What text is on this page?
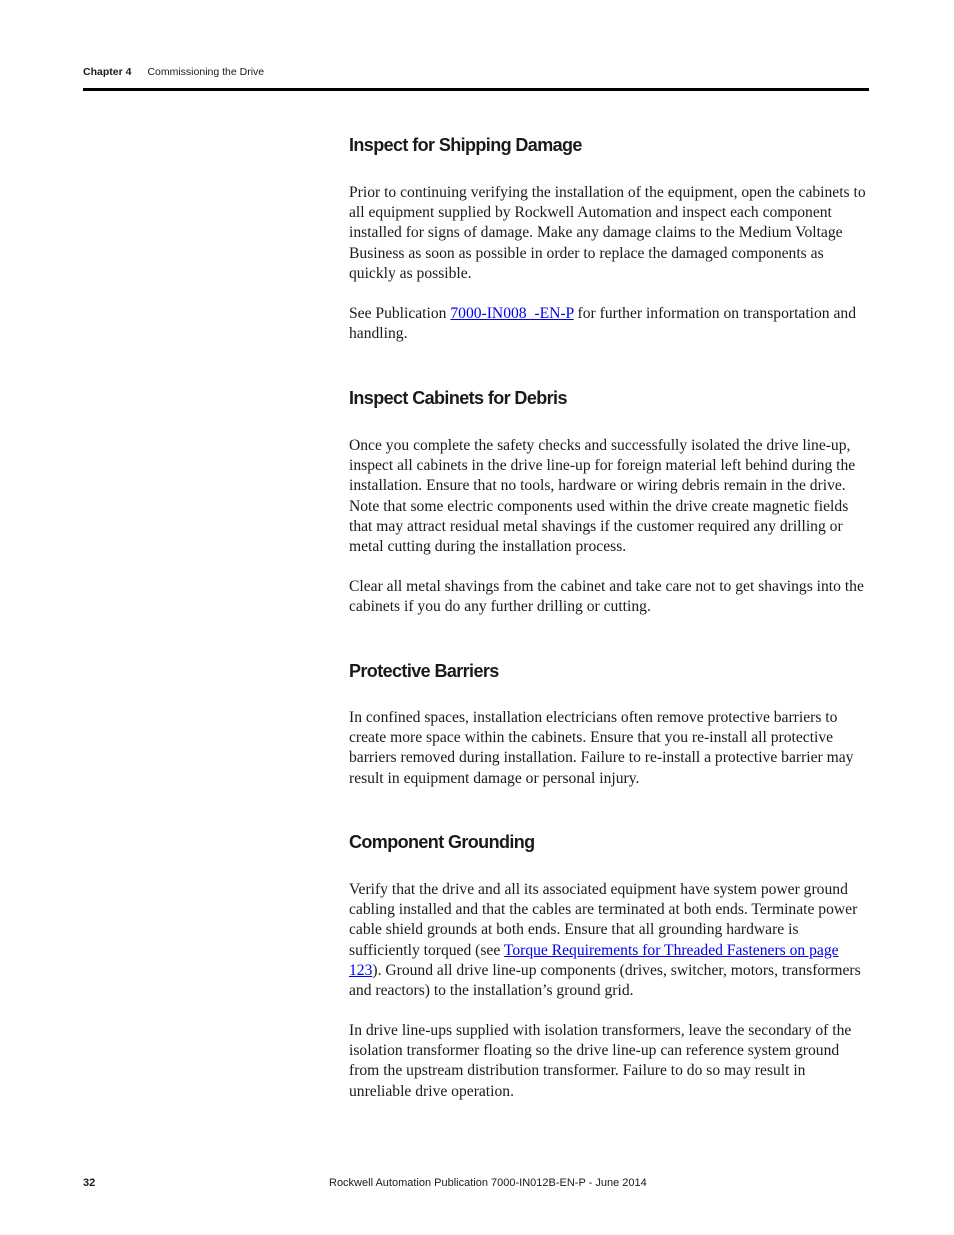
Chapter 4 Commissioning the Drive
Inspect for Shipping Damage

Prior to continuing verifying the installation of the equipment, open the cabinets to all equipment supplied by Rockwell Automation and inspect each component installed for signs of damage. Make any damage claims to the Medium Voltage Business as soon as possible in order to replace the damaged components as quickly as possible.

See Publication 7000-IN008_-EN-P for further information on transportation and handling.

Inspect Cabinets for Debris

Once you complete the safety checks and successfully isolated the drive line-up, inspect all cabinets in the drive line-up for foreign material left behind during the installation. Ensure that no tools, hardware or wiring debris remain in the drive. Note that some electric components used within the drive create magnetic fields that may attract residual metal shavings if the customer required any drilling or metal cutting during the installation process.

Clear all metal shavings from the cabinet and take care not to get shavings into the cabinets if you do any further drilling or cutting.

Protective Barriers

In confined spaces, installation electricians often remove protective barriers to create more space within the cabinets. Ensure that you re-install all protective barriers removed during installation. Failure to re-install a protective barrier may result in equipment damage or personal injury.

Component Grounding

Verify that the drive and all its associated equipment have system power ground cabling installed and that the cables are terminated at both ends. Terminate power cable shield grounds at both ends. Ensure that all grounding hardware is sufficiently torqued (see Torque Requirements for Threaded Fasteners on page 123). Ground all drive line-up components (drives, switcher, motors, transformers and reactors) to the installation’s ground grid.

In drive line-ups supplied with isolation transformers, leave the secondary of the isolation transformer floating so the drive line-up can reference system ground from the upstream distribution transformer. Failure to do so may result in unreliable drive operation.

32	Rockwell Automation Publication 7000-IN012B-EN-P - June 2014
